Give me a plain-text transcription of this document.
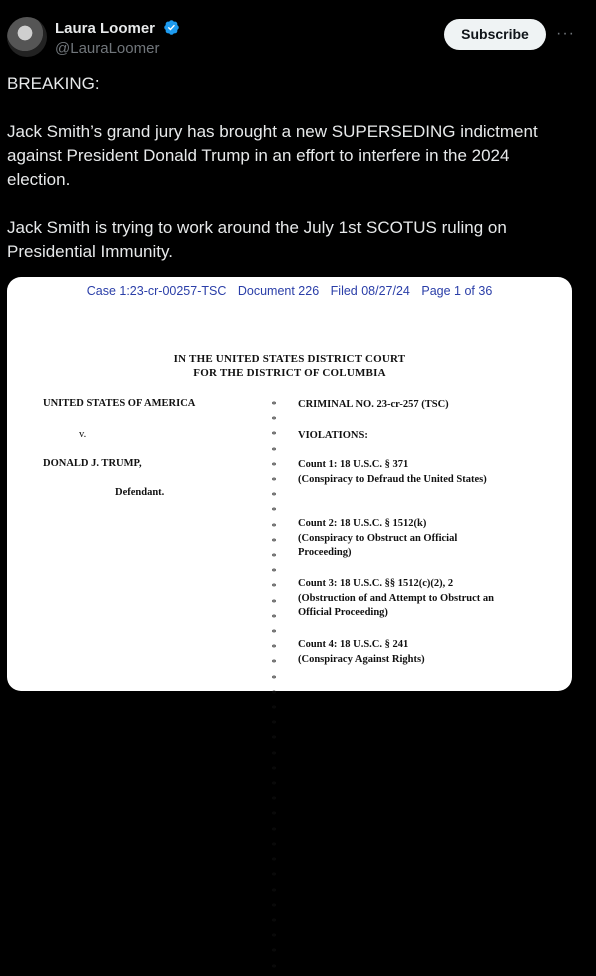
Laura Loomer
@LauraLoomer
Subscribe	···

BREAKING:

Jack Smith’s grand jury has brought a new SUPERSEDING indictment against President Donald Trump in an effort to interfere in the 2024 election.

Jack Smith is trying to work around the July 1st SCOTUS ruling on Presidential Immunity.

Case 1:23-cr-00257-TSC Document 226 Filed 08/27/24 Page 1 of 36
IN THE UNITED STATES DISTRICT COURT
FOR THE DISTRICT OF COLUMBIA
UNITED STATES OF AMERICA
v.
DONALD J. TRUMP,
Defendant.
*
*
*
*
*
*
*
*
*
*
*
*
*
*
*
*
*
*
*
*
*
*
*
*
*
*
*
*
*
*
*
*
*
*
*
*
*
*
CRIMINAL NO. 23-cr-257 (TSC)
VIOLATIONS:
Count 1: 18 U.S.C. § 371
(Conspiracy to Defraud the United States)
Count 2: 18 U.S.C. § 1512(k)
(Conspiracy to Obstruct an Official Proceeding)
Count 3: 18 U.S.C. §§ 1512(c)(2), 2
(Obstruction of and Attempt to Obstruct an Official Proceeding)
Count 4: 18 U.S.C. § 241
(Conspiracy Against Rights)
